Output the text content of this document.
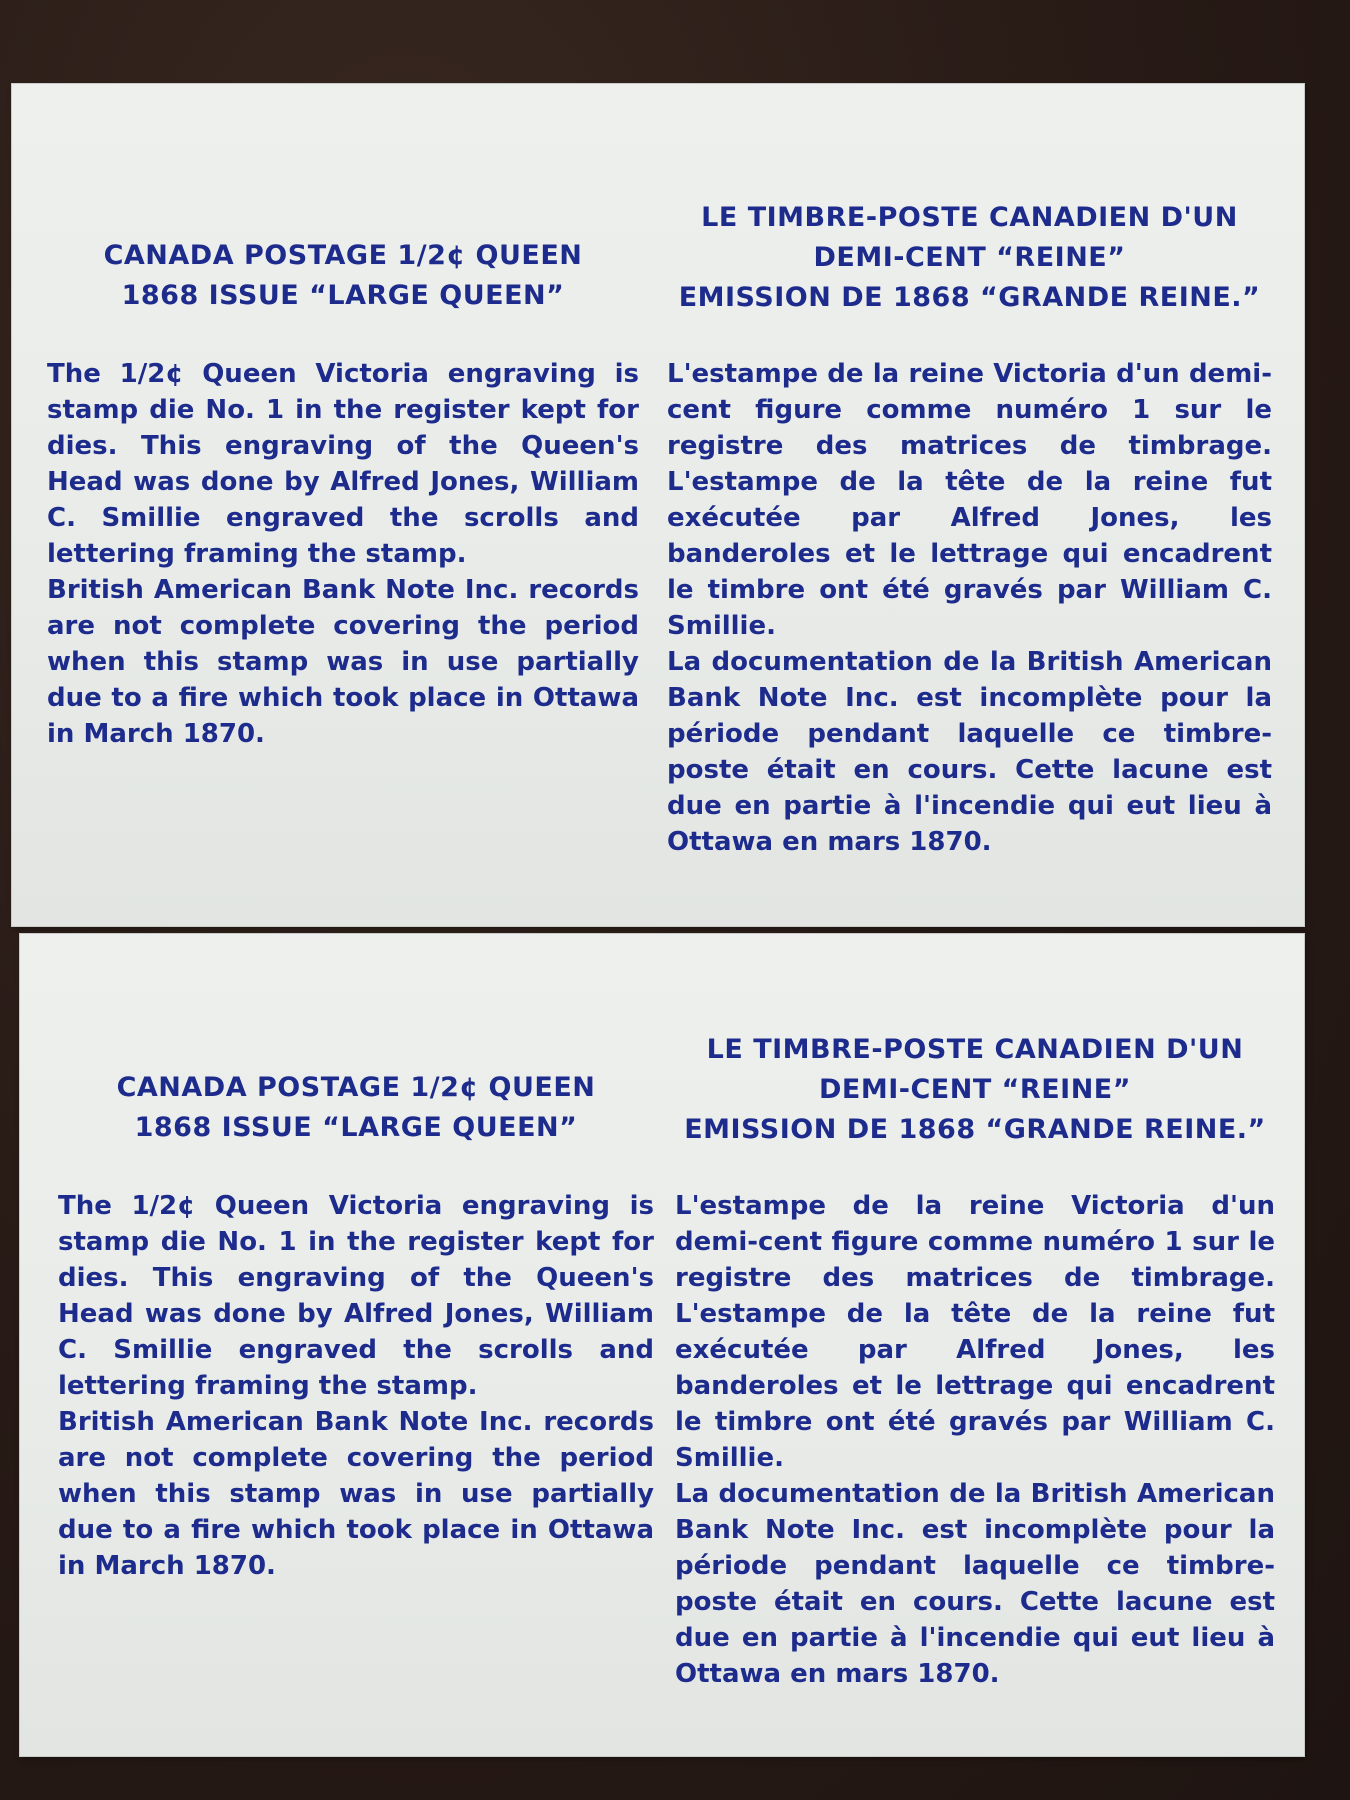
CANADA POSTAGE 1/2¢ QUEEN
1868 ISSUE “LARGE QUEEN”
The 1/2¢ Queen Victoria engraving is stamp die No. 1 in the register kept for dies. This engraving of the Queen's Head was done by Alfred Jones, William C. Smillie engraved the scrolls and lettering framing the stamp.
British American Bank Note Inc. records are not complete covering the period when this stamp was in use partially due to a fire which took place in Ottawa in March 1870.
LE TIMBRE-POSTE CANADIEN D'UN
DEMI-CENT “REINE”
EMISSION DE 1868 “GRANDE REINE.”
L'estampe de la reine Victoria d'un demi-cent figure comme numéro 1 sur le registre des matrices de timbrage. L'estampe de la tête de la reine fut exécutée par Alfred Jones, les banderoles et le lettrage qui encadrent le timbre ont été gravés par William C. Smillie.
La documentation de la British American Bank Note Inc. est incomplète pour la période pendant laquelle ce timbre-poste était en cours. Cette lacune est due en partie à l'incendie qui eut lieu à Ottawa en mars 1870.
CANADA POSTAGE 1/2¢ QUEEN
1868 ISSUE “LARGE QUEEN”
The 1/2¢ Queen Victoria engraving is stamp die No. 1 in the register kept for dies. This engraving of the Queen's Head was done by Alfred Jones, William C. Smillie engraved the scrolls and lettering framing the stamp.
British American Bank Note Inc. records are not complete covering the period when this stamp was in use partially due to a fire which took place in Ottawa in March 1870.
LE TIMBRE-POSTE CANADIEN D'UN
DEMI-CENT “REINE”
EMISSION DE 1868 “GRANDE REINE.”
L'estampe de la reine Victoria d'un demi-cent figure comme numéro 1 sur le registre des matrices de timbrage. L'estampe de la tête de la reine fut exécutée par Alfred Jones, les banderoles et le lettrage qui encadrent le timbre ont été gravés par William C. Smillie.
La documentation de la British American Bank Note Inc. est incomplète pour la période pendant laquelle ce timbre-poste était en cours. Cette lacune est due en partie à l'incendie qui eut lieu à Ottawa en mars 1870.
